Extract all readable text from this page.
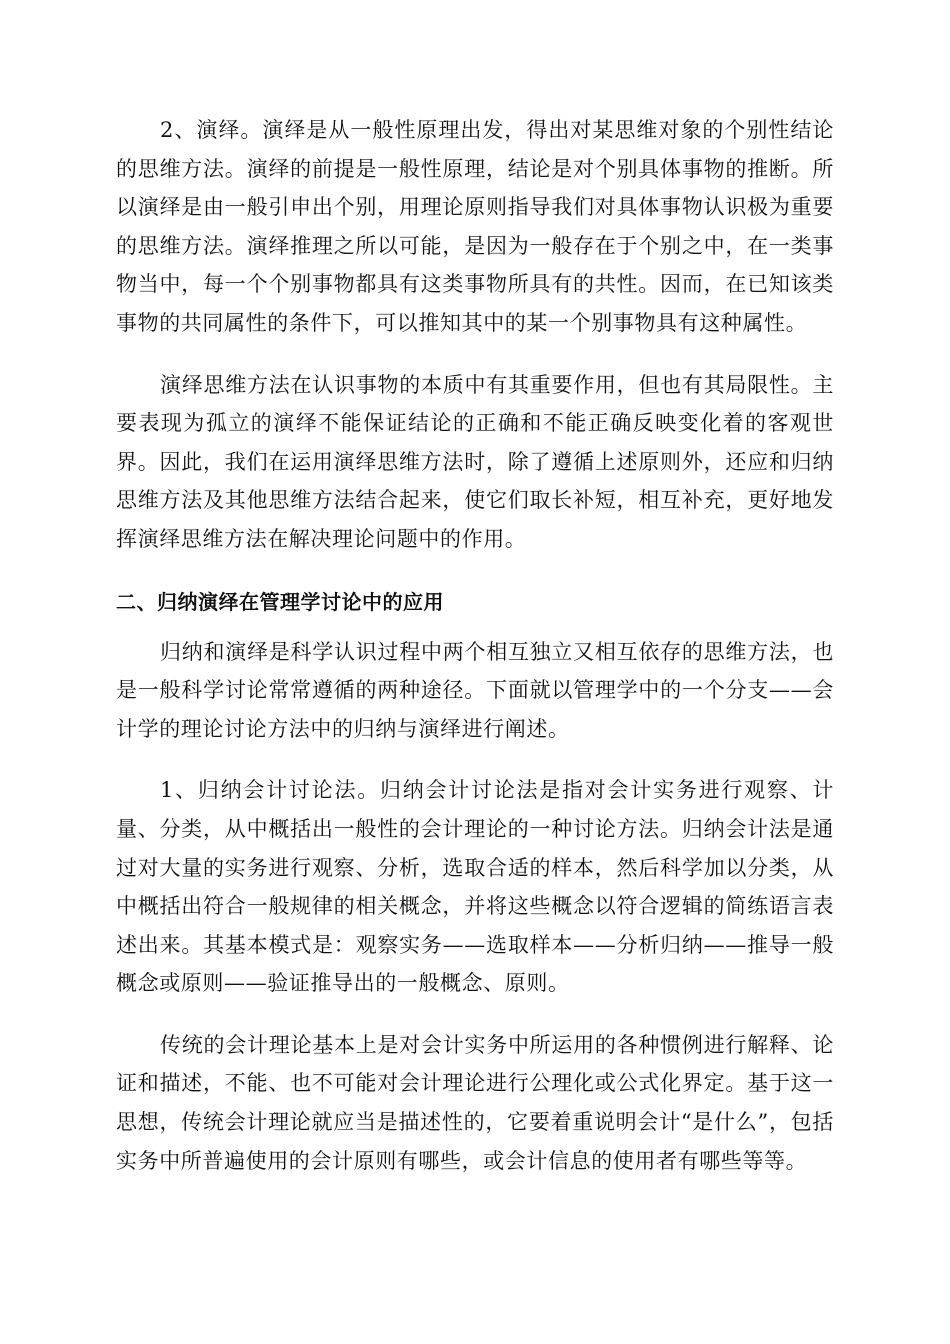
2、演绎。演绎是从一般性原理出发，得出对某思维对象的个别性结论的思维方法。演绎的前提是一般性原理，结论是对个别具体事物的推断。所以演绎是由一般引申出个别，用理论原则指导我们对具体事物认识极为重要的思维方法。演绎推理之所以可能，是因为一般存在于个别之中，在一类事物当中，每一个个别事物都具有这类事物所具有的共性。因而，在已知该类事物的共同属性的条件下，可以推知其中的某一个别事物具有这种属性。

演绎思维方法在认识事物的本质中有其重要作用，但也有其局限性。主要表现为孤立的演绎不能保证结论的正确和不能正确反映变化着的客观世界。因此，我们在运用演绎思维方法时，除了遵循上述原则外，还应和归纳思维方法及其他思维方法结合起来，使它们取长补短，相互补充，更好地发挥演绎思维方法在解决理论问题中的作用。

二、归纳演绎在管理学讨论中的应用

归纳和演绎是科学认识过程中两个相互独立又相互依存的思维方法，也是一般科学讨论常常遵循的两种途径。下面就以管理学中的一个分支——会计学的理论讨论方法中的归纳与演绎进行阐述。

1、归纳会计讨论法。归纳会计讨论法是指对会计实务进行观察、计量、分类，从中概括出一般性的会计理论的一种讨论方法。归纳会计法是通过对大量的实务进行观察、分析，选取合适的样本，然后科学加以分类，从中概括出符合一般规律的相关概念，并将这些概念以符合逻辑的简练语言表述出来。其基本模式是：观察实务——选取样本——分析归纳——推导一般概念或原则——验证推导出的一般概念、原则。

传统的会计理论基本上是对会计实务中所运用的各种惯例进行解释、论证和描述，不能、也不可能对会计理论进行公理化或公式化界定。基于这一思想，传统会计理论就应当是描述性的，它要着重说明会计“是什么”，包括实务中所普遍使用的会计原则有哪些，或会计信息的使用者有哪些等等。
